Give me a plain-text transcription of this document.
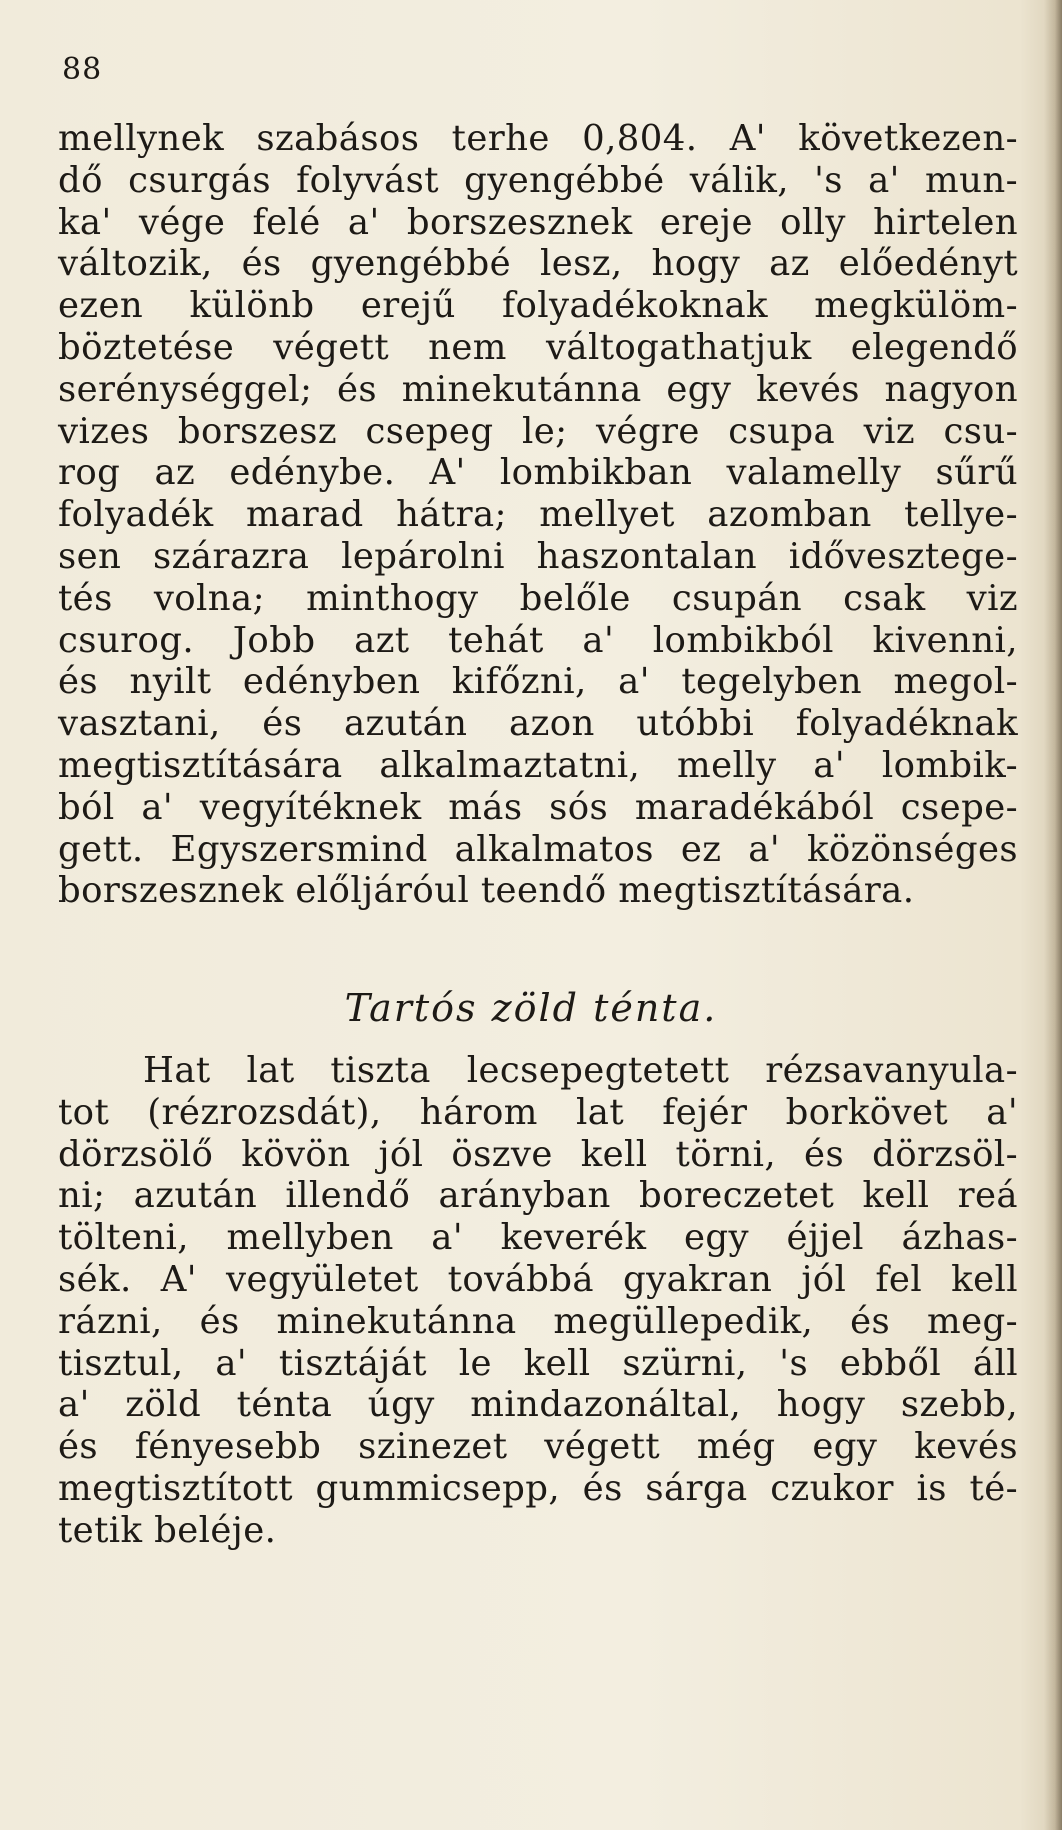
88
mellynek szabásos terhe 0,804. A' következen-
dő csurgás folyvást gyengébbé válik, 's a' mun-
ka' vége felé a' borszesznek ereje olly hirtelen
változik, és gyengébbé lesz, hogy az előedényt
ezen különb erejű folyadékoknak megkülöm-
böztetése végett nem váltogathatjuk elegendő
serénységgel; és minekutánna egy kevés nagyon
vizes borszesz csepeg le; végre csupa viz csu-
rog az edénybe. A' lombikban valamelly sűrű
folyadék marad hátra; mellyet azomban tellye-
sen szárazra lepárolni haszontalan idővesztege-
tés volna; minthogy belőle csupán csak viz
csurog. Jobb azt tehát a' lombikból kivenni,
és nyilt edényben kifőzni, a' tegelyben megol-
vasztani, és azután azon utóbbi folyadéknak
megtisztítására alkalmaztatni, melly a' lombik-
ból a' vegyítéknek más sós maradékából csepe-
gett. Egyszersmind alkalmatos ez a' közönséges
borszesznek előljáróul teendő megtisztítására.
Tartós zöld ténta.
Hat lat tiszta lecsepegtetett rézsavanyula-
tot (rézrozsdát), három lat fejér borkövet a'
dörzsölő kövön jól öszve kell törni, és dörzsöl-
ni; azután illendő arányban boreczetet kell reá
tölteni, mellyben a' keverék egy éjjel ázhas-
sék. A' vegyületet továbbá gyakran jól fel kell
rázni, és minekutánna megüllepedik, és meg-
tisztul, a' tisztáját le kell szürni, 's ebből áll
a' zöld ténta úgy mindazonáltal, hogy szebb,
és fényesebb szinezet végett még egy kevés
megtisztított gummicsepp, és sárga czukor is té-
tetik beléje.
